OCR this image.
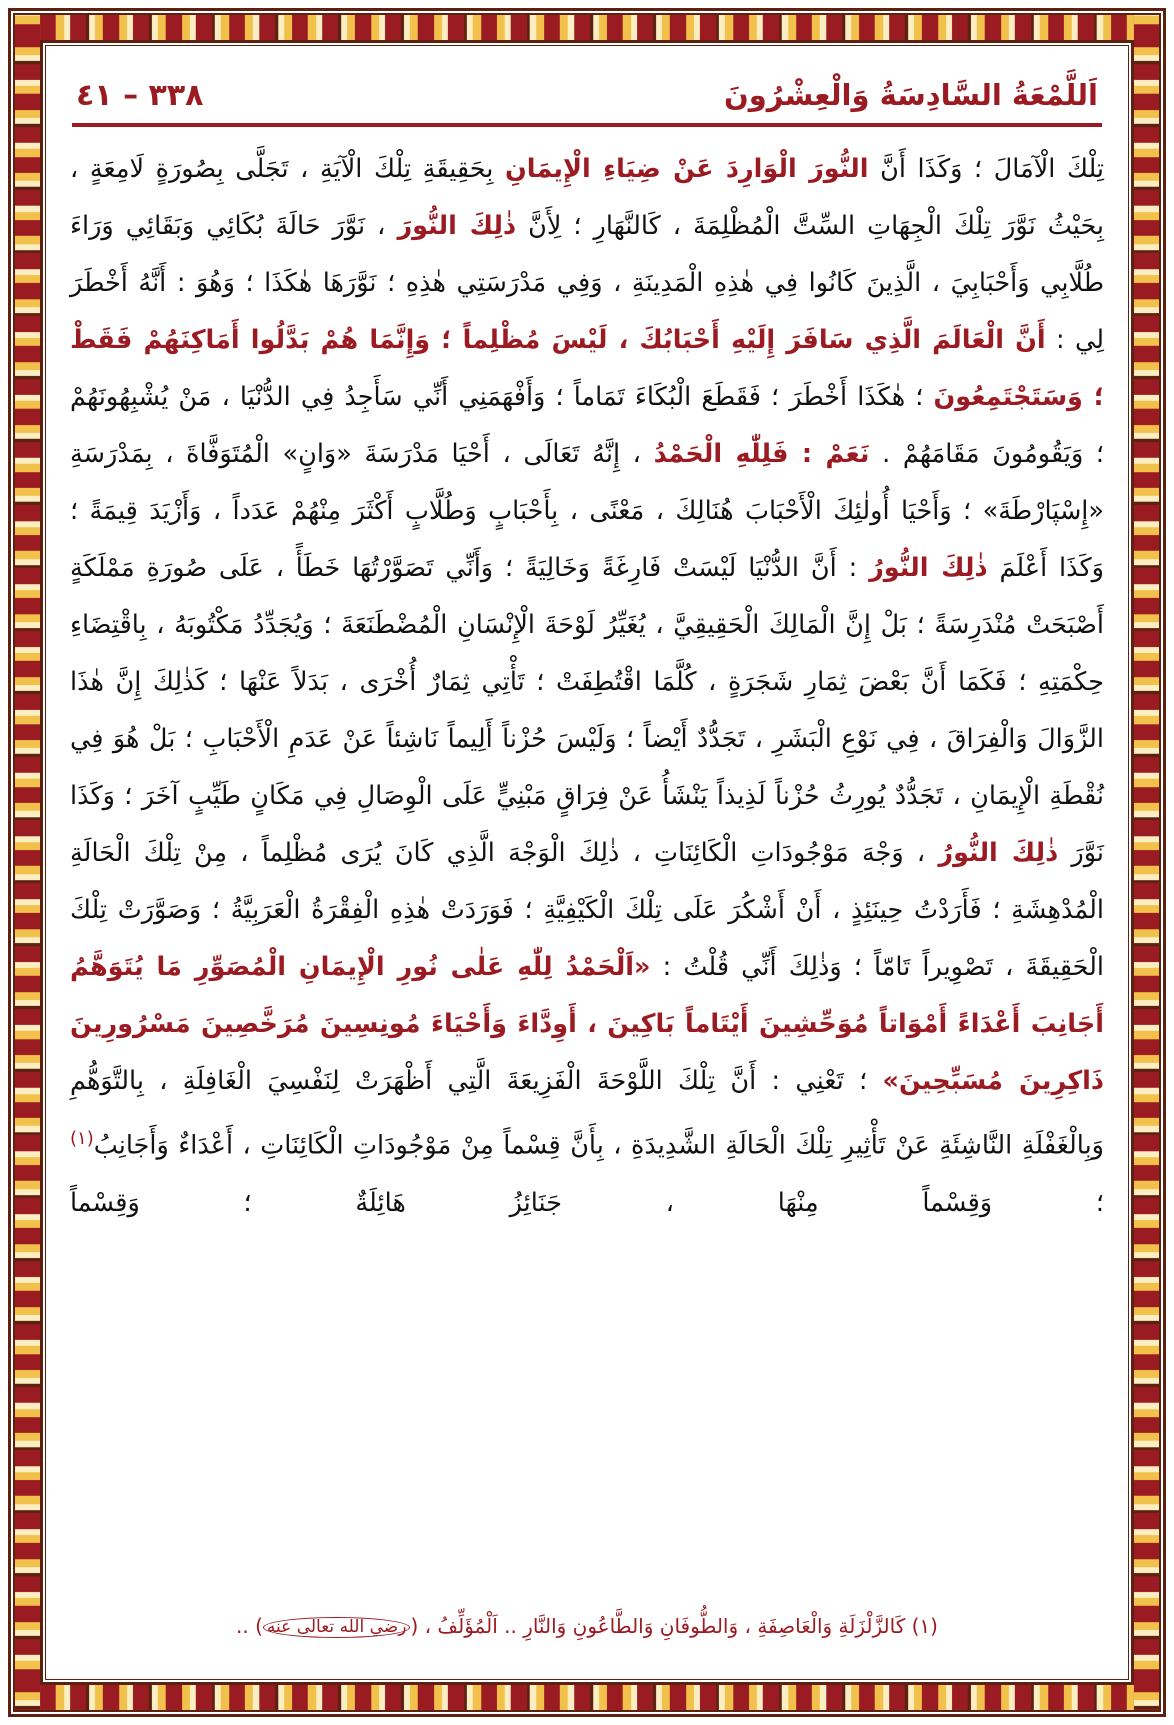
اَللَّمْعَةُ السَّادِسَةُ وَالْعِشْرُونَ
٣٣٨ – ٤١

تِلْكَ الْآمَالَ ؛ وَكَذَا أَنَّ النُّورَ الْوَارِدَ عَنْ ضِيَاءِ الْإِيمَانِ بِحَقِيقَةِ تِلْكَ الْآيَةِ ، تَجَلَّى بِصُورَةٍ لَامِعَةٍ ، بِحَيْثُ نَوَّرَ تِلْكَ الْجِهَاتِ السِّتَّ الْمُظْلِمَةَ ، كَالنَّهَارِ ؛ لِأَنَّ ذٰلِكَ النُّورَ ، نَوَّرَ حَالَةَ بُكَائِي وَبَقَائِي وَرَاءَ طُلَّابِي وَأَحْبَابِيَ ، الَّذِينَ كَانُوا فِي هٰذِهِ الْمَدِينَةِ ، وَفِي مَدْرَسَتِي هٰذِهِ ؛ نَوَّرَهَا هٰكَذَا ؛ وَهُوَ : أَنَّهُ أَخْطَرَ لِي : أَنَّ الْعَالَمَ الَّذِي سَافَرَ إِلَيْهِ أَحْبَابُكَ ، لَيْسَ مُظْلِماً ؛ وَإِنَّمَا هُمْ بَدَّلُوا أَمَاكِنَهُمْ فَقَطْ ؛ وَسَتَجْتَمِعُونَ ؛ هٰكَذَا أَخْطَرَ ؛ فَقَطَعَ الْبُكَاءَ تَمَاماً ؛ وَأَفْهَمَنِي أَنِّي سَأَجِدُ فِي الدُّنْيَا ، مَنْ يُشْبِهُونَهُمْ ؛ وَيَقُومُونَ مَقَامَهُمْ . نَعَمْ : فَلِلّٰهِ الْحَمْدُ ، إِنَّهُ تَعَالَى ، أَحْيَا مَدْرَسَةَ «وَانٍ» الْمُتَوَفَّاةَ ، بِمَدْرَسَةِ «إِسْپَارْطَةَ» ؛ وَأَحْيَا أُولٰئِكَ الْأَحْبَابَ هُنَالِكَ ، مَعْنًى ، بِأَحْبَابٍ وَطُلَّابٍ أَكْثَرَ مِنْهُمْ عَدَداً ، وَأَزْيَدَ قِيمَةً ؛ وَكَذَا أَعْلَمَ ذٰلِكَ النُّورُ : أَنَّ الدُّنْيَا لَيْسَتْ فَارِغَةً وَخَالِيَةً ؛ وَأَنِّي تَصَوَّرْتُهَا خَطَأً ، عَلَى صُورَةِ مَمْلَكَةٍ أَصْبَحَتْ مُنْدَرِسَةً ؛ بَلْ إِنَّ الْمَالِكَ الْحَقِيقِيَّ ، يُغَيِّرُ لَوْحَةَ الْإِنْسَانِ الْمُضْطَنَعَةَ ؛ وَيُجَدِّدُ مَكْتُوبَهُ ، بِاقْتِضَاءِ حِكْمَتِهِ ؛ فَكَمَا أَنَّ بَعْضَ ثِمَارِ شَجَرَةٍ ، كُلَّمَا اقْتُطِفَتْ ؛ تَأْتِي ثِمَارٌ أُخْرَى ، بَدَلاً عَنْهَا ؛ كَذٰلِكَ إِنَّ هٰذَا الزَّوَالَ وَالْفِرَاقَ ، فِي نَوْعِ الْبَشَرِ ، تَجَدُّدٌ أَيْضاً ؛ وَلَيْسَ حُزْناً أَلِيماً نَاشِئاً عَنْ عَدَمِ الْأَحْبَابِ ؛ بَلْ هُوَ فِي نُقْطَةِ الْإِيمَانِ ، تَجَدُّدٌ يُورِثُ حُزْناً لَذِيذاً يَنْشَأُ عَنْ فِرَاقٍ مَبْنِيٍّ عَلَى الْوِصَالِ فِي مَكَانٍ طَيِّبٍ آخَرَ ؛ وَكَذَا نَوَّرَ ذٰلِكَ النُّورُ ، وَجْهَ مَوْجُودَاتِ الْكَائِنَاتِ ، ذٰلِكَ الْوَجْهَ الَّذِي كَانَ يُرَى مُظْلِماً ، مِنْ تِلْكَ الْحَالَةِ الْمُدْهِشَةِ ؛ فَأَرَدْتُ حِينَئِذٍ ، أَنْ أَشْكُرَ عَلَى تِلْكَ الْكَيْفِيَّةِ ؛ فَوَرَدَتْ هٰذِهِ الْفِقْرَةُ الْعَرَبِيَّةُ ؛ وَصَوَّرَتْ تِلْكَ الْحَقِيقَةَ ، تَصْوِيراً تَامّاً ؛ وَذٰلِكَ أَنِّي قُلْتُ : «اَلْحَمْدُ لِلّٰهِ عَلٰى نُورِ الْإِيمَانِ الْمُصَوِّرِ مَا يُتَوَهَّمُ أَجَانِبَ أَعْدَاءً أَمْوَاتاً مُوَحِّشِينَ أَيْتَاماً بَاكِينَ ، أَوِدَّاءَ وَأَحْيَاءَ مُونِسِينَ مُرَخَّصِينَ مَسْرُورِينَ ذَاكِرِينَ مُسَبِّحِينَ» ؛ تَعْنِي : أَنَّ تِلْكَ اللَّوْحَةَ الْفَزِيعَةَ الَّتِي أَظْهَرَتْ لِنَفْسِيَ الْغَافِلَةِ ، بِالتَّوَهُّمِ وَبِالْغَفْلَةِ النَّاشِئَةِ عَنْ تَأْثِيرِ تِلْكَ الْحَالَةِ الشَّدِيدَةِ ، بِأَنَّ قِسْماً مِنْ مَوْجُودَاتِ الْكَائِنَاتِ ، أَعْدَاءٌ وَأَجَانِبُ$^{(١)}$ ؛ وَقِسْماً مِنْهَا ، جَنَائِزُ هَائِلَةٌ ؛ وَقِسْماً

(١) كَالزَّلْزَلَةِ وَالْعَاصِفَةِ ، وَالطُّوفَانِ وَالطَّاعُونِ وَالنَّارِ .. اَلْمُؤَلِّفُ ، (رضي الله تعالى عنه) ..
